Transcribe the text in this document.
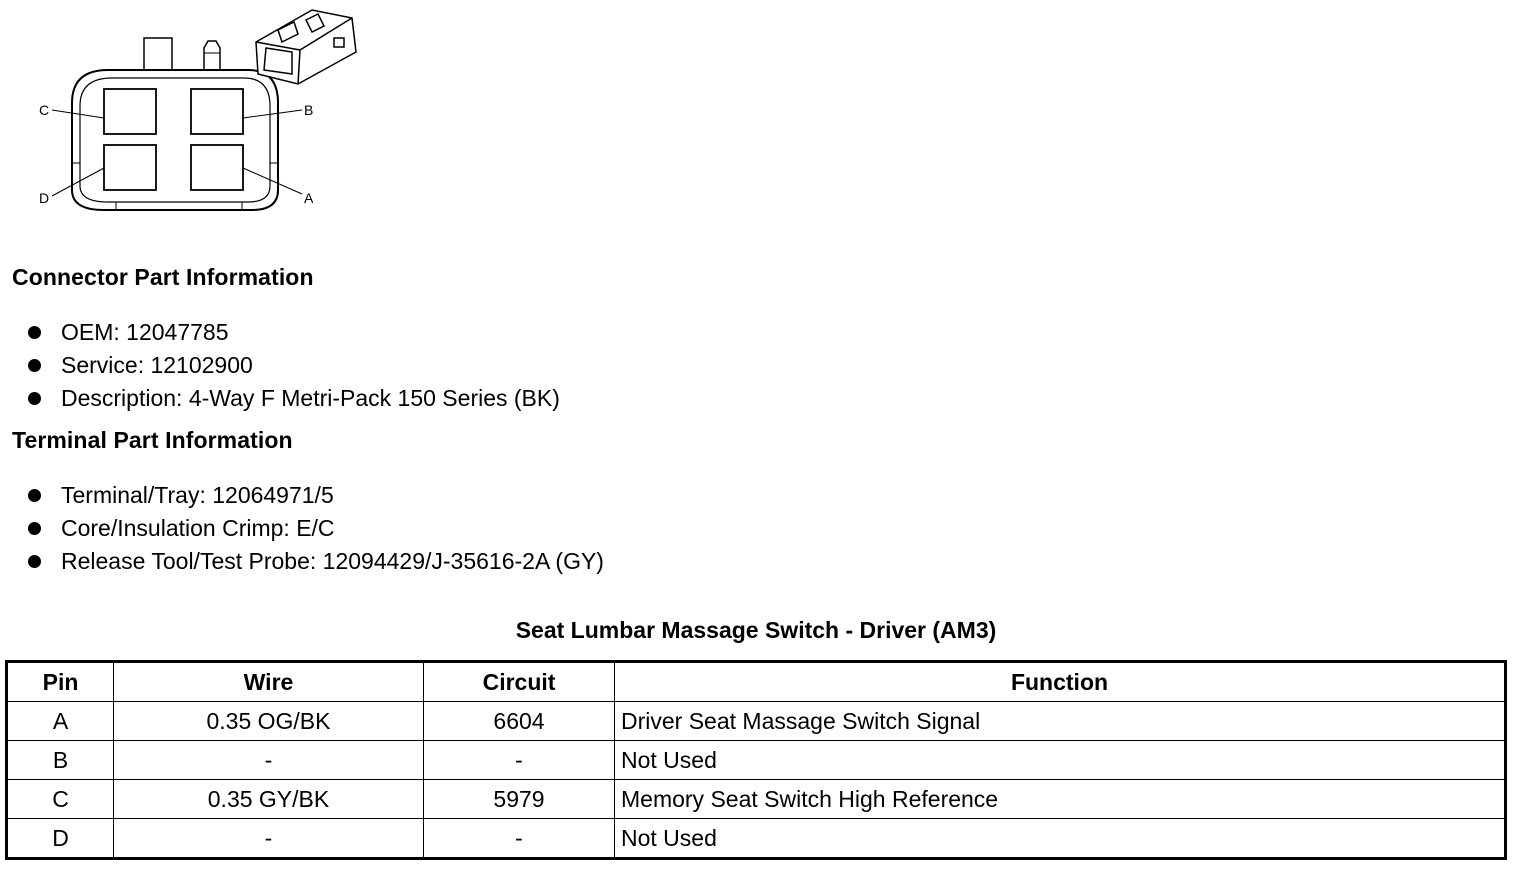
C	B
D	A
Connector Part Information
OEM: 12047785
Service: 12102900
Description: 4-Way F Metri-Pack 150 Series (BK)
Terminal Part Information
Terminal/Tray: 12064971/5
Core/Insulation Crimp: E/C
Release Tool/Test Probe: 12094429/J-35616-2A (GY)
Seat Lumbar Massage Switch - Driver (AM3)
Pin	Wire	Circuit	Function
A	0.35 OG/BK	6604	Driver Seat Massage Switch Signal
B	-	-	Not Used
C	0.35 GY/BK	5979	Memory Seat Switch High Reference
D	-	-	Not Used
